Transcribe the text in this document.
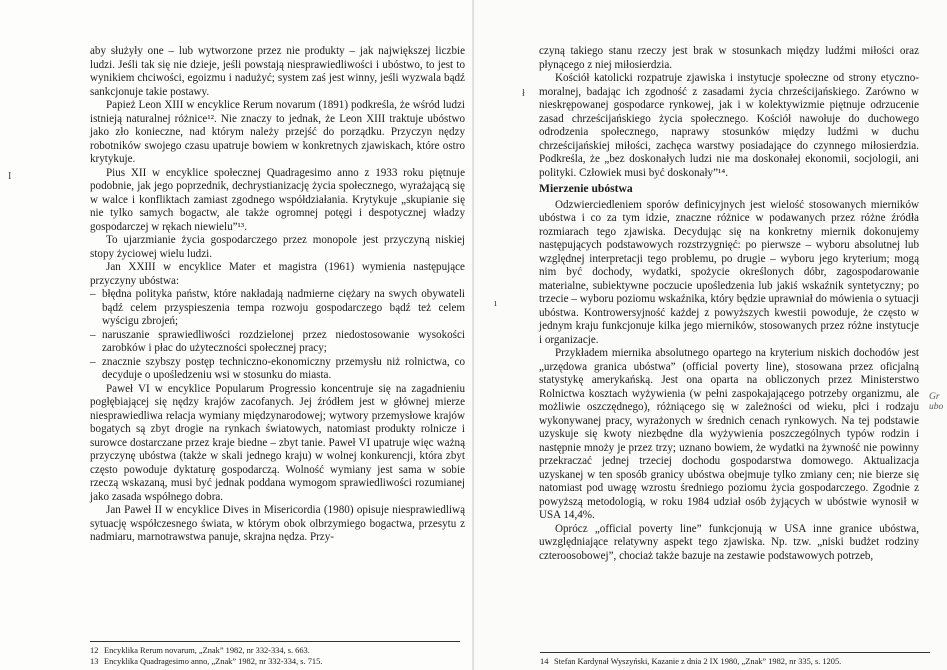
aby służyły one – lub wytworzone przez nie produkty – jak największej liczbie ludzi. Jeśli tak się nie dzieje, jeśli powstają niesprawiedliwości i ubóstwo, to jest to wynikiem chciwości, egoizmu i nadużyć; system zaś jest winny, jeśli wyzwala bądź sankcjonuje takie postawy.

Papież Leon XIII w encyklice Rerum novarum (1891) podkreśla, że wśród ludzi istnieją naturalnej różnice¹². Nie znaczy to jednak, że Leon XIII traktuje ubóstwo jako zło konieczne, nad którym należy przejść do porządku. Przyczyn nędzy robotników swojego czasu upatruje bowiem w konkretnych zjawiskach, które ostro krytykuje.

Pius XII w encyklice społecznej Quadragesimo anno z 1933 roku piętnuje podobnie, jak jego poprzednik, dechrystianizację życia społecznego, wyrażającą się w walce i konfliktach zamiast zgodnego współdziałania. Krytykuje „skupianie się nie tylko samych bogactw, ale także ogromnej potęgi i despotycznej władzy gospodarczej w rękach niewielu”¹³.

To ujarzmianie życia gospodarczego przez monopole jest przyczyną niskiej stopy życiowej wielu ludzi.

Jan XXIII w encyklice Mater et magistra (1961) wymienia następujące przyczyny ubóstwa:

– błędna polityka państw, które nakładają nadmierne ciężary na swych obywateli bądź celem przyspieszenia tempa rozwoju gospodarczego bądź też celem wyścigu zbrojeń;
– naruszanie sprawiedliwości rozdzielonej przez niedostosowanie wysokości zarobków i płac do użyteczności społecznej pracy;
– znacznie szybszy postęp techniczno-ekonomiczny przemysłu niż rolnictwa, co decyduje o upośledzeniu wsi w stosunku do miasta.

Paweł VI w encyklice Popularum Progressio koncentruje się na zagadnieniu pogłębiającej się nędzy krajów zacofanych. Jej źródłem jest w głównej mierze niesprawiedliwa relacja wymiany międzynarodowej; wytwory przemysłowe krajów bogatych są zbyt drogie na rynkach światowych, natomiast produkty rolnicze i surowce dostarczane przez kraje biedne – zbyt tanie. Paweł VI upatruje więc ważną przyczynę ubóstwa (także w skali jednego kraju) w wolnej konkurencji, która zbyt często powoduje dyktaturę gospodarczą. Wolność wymiany jest sama w sobie rzeczą wskazaną, musi być jednak poddana wymogom sprawiedliwości rozumianej jako zasada współnego dobra.

Jan Paweł II w encyklice Dives in Misericordia (1980) opisuje niesprawiedliwą sytuację współczesnego świata, w którym obok olbrzymiego bogactwa, przesytu z nadmiaru, marnotrawstwa panuje, skrajna nędza. Przy-

12 Encyklika Rerum novarum, „Znak” 1982, nr 332-334, s. 663.
13 Encyklika Quadragesimo anno, „Znak” 1982, nr 332-334, s. 715.
I

czyną takiego stanu rzeczy jest brak w stosunkach między ludźmi miłości oraz płynącego z niej miłosierdzia.

Kościół katolicki rozpatruje zjawiska i instytucje społeczne od strony etyczno-moralnej, badając ich zgodność z zasadami życia chrześcijańskiego. Zarówno w nieskrępowanej gospodarce rynkowej, jak i w kolektywizmie piętnuje odrzucenie zasad chrześcijańskiego życia społecznego. Kościół nawołuje do duchowego odrodzenia społecznego, naprawy stosunków między ludźmi w duchu chrześcijańskiej miłości, zachęca warstwy posiadające do czynnego miłosierdzia. Podkreśla, że „bez doskonałych ludzi nie ma doskonałej ekonomii, socjologii, ani polityki. Człowiek musi być doskonały”¹⁴.

Mierzenie ubóstwa

Odzwierciedleniem sporów definicyjnych jest wielość stosowanych mierników ubóstwa i co za tym idzie, znaczne różnice w podawanych przez różne źródła rozmiarach tego zjawiska. Decydując się na konkretny miernik dokonujemy następujących podstawowych rozstrzygnięć: po pierwsze – wyboru absolutnej lub względnej interpretacji tego problemu, po drugie – wyboru jego kryterium; mogą nim być dochody, wydatki, spożycie określonych dóbr, zagospodarowanie materialne, subiektywne poczucie upośledzenia lub jakiś wskaźnik syntetyczny; po trzecie – wyboru poziomu wskaźnika, który będzie uprawniał do mówienia o sytuacji ubóstwa. Kontrowersyjność każdej z powyższych kwestii powoduje, że często w jednym kraju funkcjonuje kilka jego mierników, stosowanych przez różne instytucje i organizacje.

Przykładem miernika absolutnego opartego na kryterium niskich dochodów jest „urzędowa granica ubóstwa” (official poverty line), stosowana przez oficjalną statystykę amerykańską. Jest ona oparta na obliczonych przez Ministerstwo Rolnictwa kosztach wyżywienia (w pełni zaspokajającego potrzeby organizmu, ale możliwie oszczędnego), różniącego się w zależności od wieku, płci i rodzaju wykonywanej pracy, wyrażonych w średnich cenach rynkowych. Na tej podstawie uzyskuje się kwoty niezbędne dla wyżywienia poszczególnych typów rodzin i następnie mnoży je przez trzy; uznano bowiem, że wydatki na żywność nie powinny przekraczać jednej trzeciej dochodu gospodarstwa domowego. Aktualizacja uzyskanej w ten sposób granicy ubóstwa obejmuje tylko zmiany cen; nie bierze się natomiast pod uwagę wzrostu średniego poziomu życia gospodarczego. Zgodnie z powyższą metodologią, w roku 1984 udział osób żyjących w ubóstwie wynosił w USA 14,4%.

Oprócz „official poverty line” funkcjonują w USA inne granice ubóstwa, uwzględniające relatywny aspekt tego zjawiska. Np. tzw. „niski budżet rodziny czteroosobowej”, chociaż także bazuje na zestawie podstawowych potrzeb,

14 Stefan Kardynał Wyszyński, Kazanie z dnia 2 IX 1980, „Znak” 1982, nr 335, s. 1205.
ł
ı
Gr ubo
